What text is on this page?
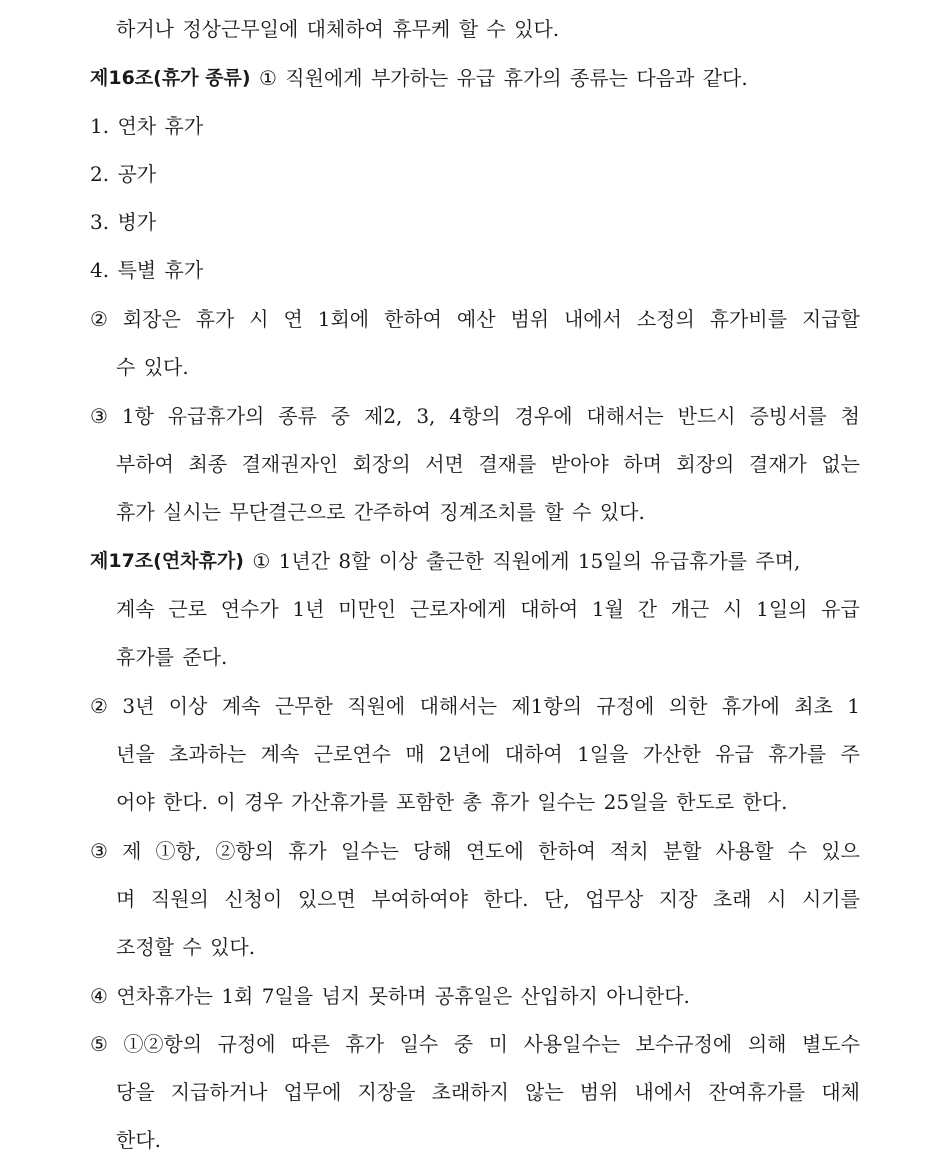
하거나 정상근무일에 대체하여 휴무케 할 수 있다.
제16조(휴가 종류) ① 직원에게 부가하는 유급 휴가의 종류는 다음과 같다.
1. 연차 휴가
2. 공가
3. 병가
4. 특별 휴가
② 회장은 휴가 시 연 1회에 한하여 예산 범위 내에서 소정의 휴가비를 지급할
수 있다.
③ 1항 유급휴가의 종류 중 제2, 3, 4항의 경우에 대해서는 반드시 증빙서를 첨
부하여 최종 결재권자인 회장의 서면 결재를 받아야 하며 회장의 결재가 없는
휴가 실시는 무단결근으로 간주하여 징계조치를 할 수 있다.
제17조(연차휴가) ① 1년간 8할 이상 출근한 직원에게 15일의 유급휴가를 주며,
계속 근로 연수가 1년 미만인 근로자에게 대하여 1월 간 개근 시 1일의 유급
휴가를 준다.
② 3년 이상 계속 근무한 직원에 대해서는 제1항의 규정에 의한 휴가에 최초 1
년을 초과하는 계속 근로연수 매 2년에 대하여 1일을 가산한 유급 휴가를 주
어야 한다. 이 경우 가산휴가를 포함한 총 휴가 일수는 25일을 한도로 한다.
③ 제 ①항, ②항의 휴가 일수는 당해 연도에 한하여 적치 분할 사용할 수 있으
며 직원의 신청이 있으면 부여하여야 한다. 단, 업무상 지장 초래 시 시기를
조정할 수 있다.
④ 연차휴가는 1회 7일을 넘지 못하며 공휴일은 산입하지 아니한다.
⑤ ①②항의 규정에 따른 휴가 일수 중 미 사용일수는 보수규정에 의해 별도수
당을 지급하거나 업무에 지장을 초래하지 않는 범위 내에서 잔여휴가를 대체
한다.
